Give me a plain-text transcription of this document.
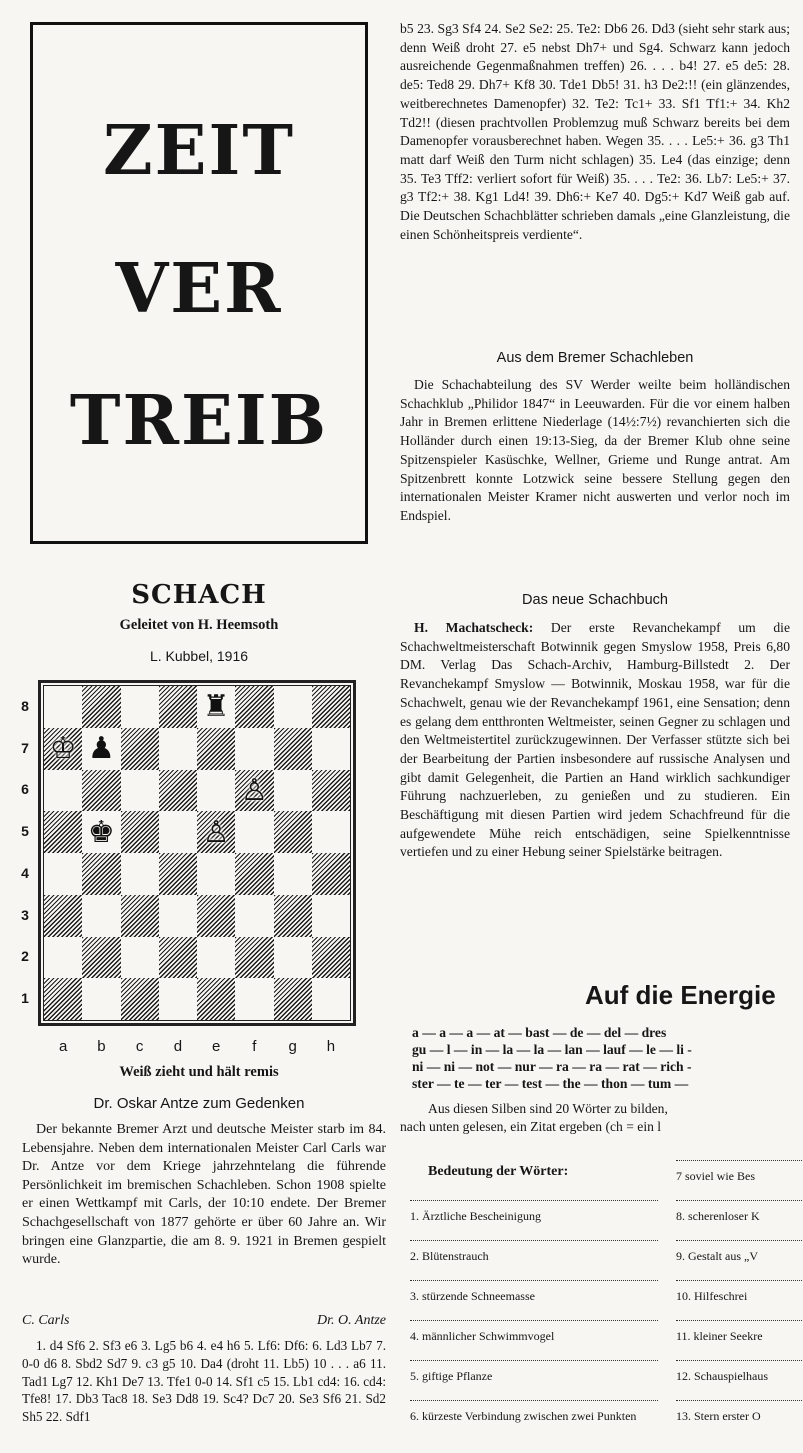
ZEIT
VER
TREIB
SCHACH
Geleitet von H. Heemsoth
L. Kubbel, 1916
♜
♔ ♟
♙
♚	♙
8
7
6
5
4
3
2
1
a	b	c	d	e	f	g	h
Weiß zieht und hält remis
Dr. Oskar Antze zum Gedenken

Der bekannte Bremer Arzt und deutsche Meister starb im 84. Lebensjahre. Neben dem internationalen Meister Carl Carls war Dr. Antze vor dem Kriege jahrzehntelang die führende Persönlichkeit im bremischen Schachleben. Schon 1908 spielte er einen Wettkampf mit Carls, der 10:10 endete. Der Bremer Schachgesellschaft von 1877 gehörte er über 60 Jahre an. Wir bringen eine Glanzpartie, die am 8. 9. 1921 in Bremen gespielt wurde.

C. Carls	Dr. O. Antze

1. d4 Sf6 2. Sf3 e6 3. Lg5 b6 4. e4 h6 5. Lf6: Df6: 6. Ld3 Lb7 7. 0-0 d6 8. Sbd2 Sd7 9. c3 g5 10. Da4 (droht 11. Lb5) 10 . . . a6 11. Tad1 Lg7 12. Kh1 De7 13. Tfe1 0-0 14. Sf1 c5 15. Lb1 cd4: 16. cd4: Tfe8! 17. Db3 Tac8 18. Se3 Dd8 19. Sc4? Dc7 20. Se3 Sf6 21. Sd2 Sh5 22. Sdf1

b5 23. Sg3 Sf4 24. Se2 Se2: 25. Te2: Db6 26. Dd3 (sieht sehr stark aus; denn Weiß droht 27. e5 nebst Dh7+ und Sg4. Schwarz kann jedoch ausreichende Gegenmaßnahmen treffen) 26. . . . b4! 27. e5 de5: 28. de5: Ted8 29. Dh7+ Kf8 30. Tde1 Db5! 31. h3 De2:!! (ein glänzendes, weitberechnetes Damenopfer) 32. Te2: Tc1+ 33. Sf1 Tf1:+ 34. Kh2 Td2!! (diesen prachtvollen Problemzug muß Schwarz bereits bei dem Damenopfer vorausberechnet haben. Wegen 35. . . . Le5:+ 36. g3 Th1 matt darf Weiß den Turm nicht schlagen) 35. Le4 (das einzige; denn 35. Te3 Tff2: verliert sofort für Weiß) 35. . . . Te2: 36. Lb7: Le5:+ 37. g3 Tf2:+ 38. Kg1 Ld4! 39. Dh6:+ Ke7 40. Dg5:+ Kd7 Weiß gab auf. Die Deutschen Schachblätter schrieben damals „eine Glanzleistung, die einen Schönheitspreis verdiente“.

Aus dem Bremer Schachleben

Die Schachabteilung des SV Werder weilte beim holländischen Schachklub „Philidor 1847“ in Leeuwarden. Für die vor einem halben Jahr in Bremen erlittene Niederlage (14½:7½) revanchierten sich die Holländer durch einen 19:13-Sieg, da der Bremer Klub ohne seine Spitzenspieler Kasüschke, Wellner, Grieme und Runge antrat. Am Spitzenbrett konnte Lotzwick seine bessere Stellung gegen den internationalen Meister Kramer nicht auswerten und verlor noch im Endspiel.

Das neue Schachbuch

H. Machatscheck: Der erste Revanchekampf um die Schachweltmeisterschaft Botwinnik gegen Smyslow 1958, Preis 6,80 DM. Verlag Das Schach-Archiv, Hamburg-Billstedt 2. Der Revanchekampf Smyslow — Botwinnik, Moskau 1958, war für die Schachwelt, genau wie der Revanchekampf 1961, eine Sensation; denn es gelang dem entthronten Weltmeister, seinen Gegner zu schlagen und den Weltmeistertitel zurückzugewinnen. Der Verfasser stützte sich bei der Bearbeitung der Partien insbesondere auf russische Analysen und gibt damit Gelegenheit, die Partien an Hand wirklich sachkundiger Führung nachzuerleben, zu genießen und zu studieren. Ein Beschäftigung mit diesen Partien wird jedem Schachfreund für die aufgewendete Mühe reich entschädigen, seine Spielkenntnisse vertiefen und zu einer Hebung seiner Spielstärke beitragen.

Auf die Energie
a — a — a — at — bast — de — del — dres
gu — l — in — la — la — lan — lauf — le — li -
ni — ni — not — nur — ra — ra — rat — rich -
ster — te — ter — test — the — thon — tum —
Aus diesen Silben sind 20 Wörter zu bilden,
nach unten gelesen, ein Zitat ergeben (ch = ein l
Bedeutung der Wörter:
1. Ärztliche Bescheinigung
2. Blütenstrauch
3. stürzende Schneemasse
4. männlicher Schwimmvogel
5. giftige Pflanze
6. kürzeste Verbindung zwischen zwei Punkten
7 soviel wie Bes
8. scherenloser K
9. Gestalt aus „V
10. Hilfeschrei
11. kleiner Seekre
12. Schauspielhaus
13. Stern erster O
